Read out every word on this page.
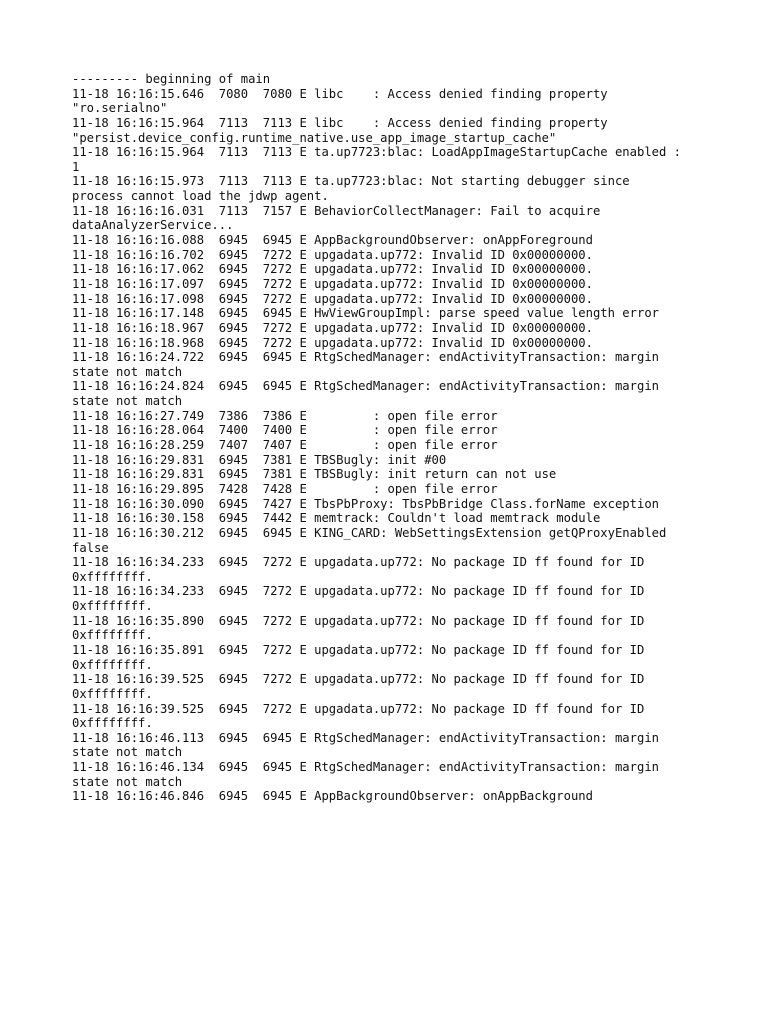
--------- beginning of main
11-18 16:16:15.646  7080  7080 E libc    : Access denied finding property
"ro.serialno"
11-18 16:16:15.964  7113  7113 E libc    : Access denied finding property
"persist.device_config.runtime_native.use_app_image_startup_cache"
11-18 16:16:15.964  7113  7113 E ta.up7723:blac: LoadAppImageStartupCache enabled :
1
11-18 16:16:15.973  7113  7113 E ta.up7723:blac: Not starting debugger since
process cannot load the jdwp agent.
11-18 16:16:16.031  7113  7157 E BehaviorCollectManager: Fail to acquire
dataAnalyzerService...
11-18 16:16:16.088  6945  6945 E AppBackgroundObserver: onAppForeground
11-18 16:16:16.702  6945  7272 E upgadata.up772: Invalid ID 0x00000000.
11-18 16:16:17.062  6945  7272 E upgadata.up772: Invalid ID 0x00000000.
11-18 16:16:17.097  6945  7272 E upgadata.up772: Invalid ID 0x00000000.
11-18 16:16:17.098  6945  7272 E upgadata.up772: Invalid ID 0x00000000.
11-18 16:16:17.148  6945  6945 E HwViewGroupImpl: parse speed value length error
11-18 16:16:18.967  6945  7272 E upgadata.up772: Invalid ID 0x00000000.
11-18 16:16:18.968  6945  7272 E upgadata.up772: Invalid ID 0x00000000.
11-18 16:16:24.722  6945  6945 E RtgSchedManager: endActivityTransaction: margin
state not match
11-18 16:16:24.824  6945  6945 E RtgSchedManager: endActivityTransaction: margin
state not match
11-18 16:16:27.749  7386  7386 E         : open file error
11-18 16:16:28.064  7400  7400 E         : open file error
11-18 16:16:28.259  7407  7407 E         : open file error
11-18 16:16:29.831  6945  7381 E TBSBugly: init #00
11-18 16:16:29.831  6945  7381 E TBSBugly: init return can not use
11-18 16:16:29.895  7428  7428 E         : open file error
11-18 16:16:30.090  6945  7427 E TbsPbProxy: TbsPbBridge Class.forName exception
11-18 16:16:30.158  6945  7442 E memtrack: Couldn't load memtrack module
11-18 16:16:30.212  6945  6945 E KING_CARD: WebSettingsExtension getQProxyEnabled
false
11-18 16:16:34.233  6945  7272 E upgadata.up772: No package ID ff found for ID
0xffffffff.
11-18 16:16:34.233  6945  7272 E upgadata.up772: No package ID ff found for ID
0xffffffff.
11-18 16:16:35.890  6945  7272 E upgadata.up772: No package ID ff found for ID
0xffffffff.
11-18 16:16:35.891  6945  7272 E upgadata.up772: No package ID ff found for ID
0xffffffff.
11-18 16:16:39.525  6945  7272 E upgadata.up772: No package ID ff found for ID
0xffffffff.
11-18 16:16:39.525  6945  7272 E upgadata.up772: No package ID ff found for ID
0xffffffff.
11-18 16:16:46.113  6945  6945 E RtgSchedManager: endActivityTransaction: margin
state not match
11-18 16:16:46.134  6945  6945 E RtgSchedManager: endActivityTransaction: margin
state not match
11-18 16:16:46.846  6945  6945 E AppBackgroundObserver: onAppBackground
